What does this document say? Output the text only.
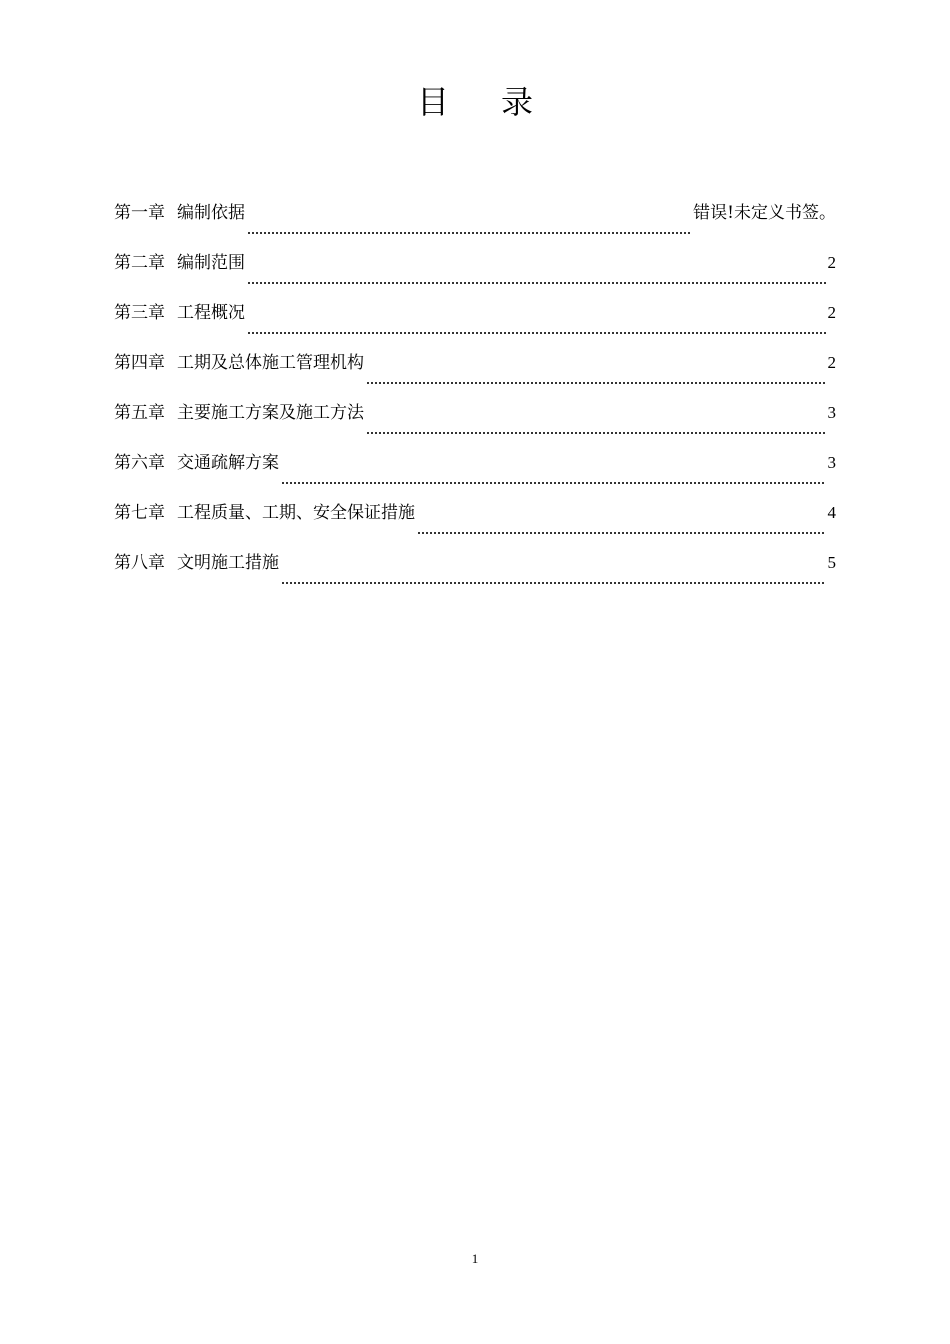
目录
第一章 编制依据	错误!未定义书签。
第二章 编制范围	2
第三章 工程概况	2
第四章 工期及总体施工管理机构	2
第五章 主要施工方案及施工方法	3
第六章 交通疏解方案	3
第七章 工程质量、工期、安全保证措施	4
第八章 文明施工措施	5
1
